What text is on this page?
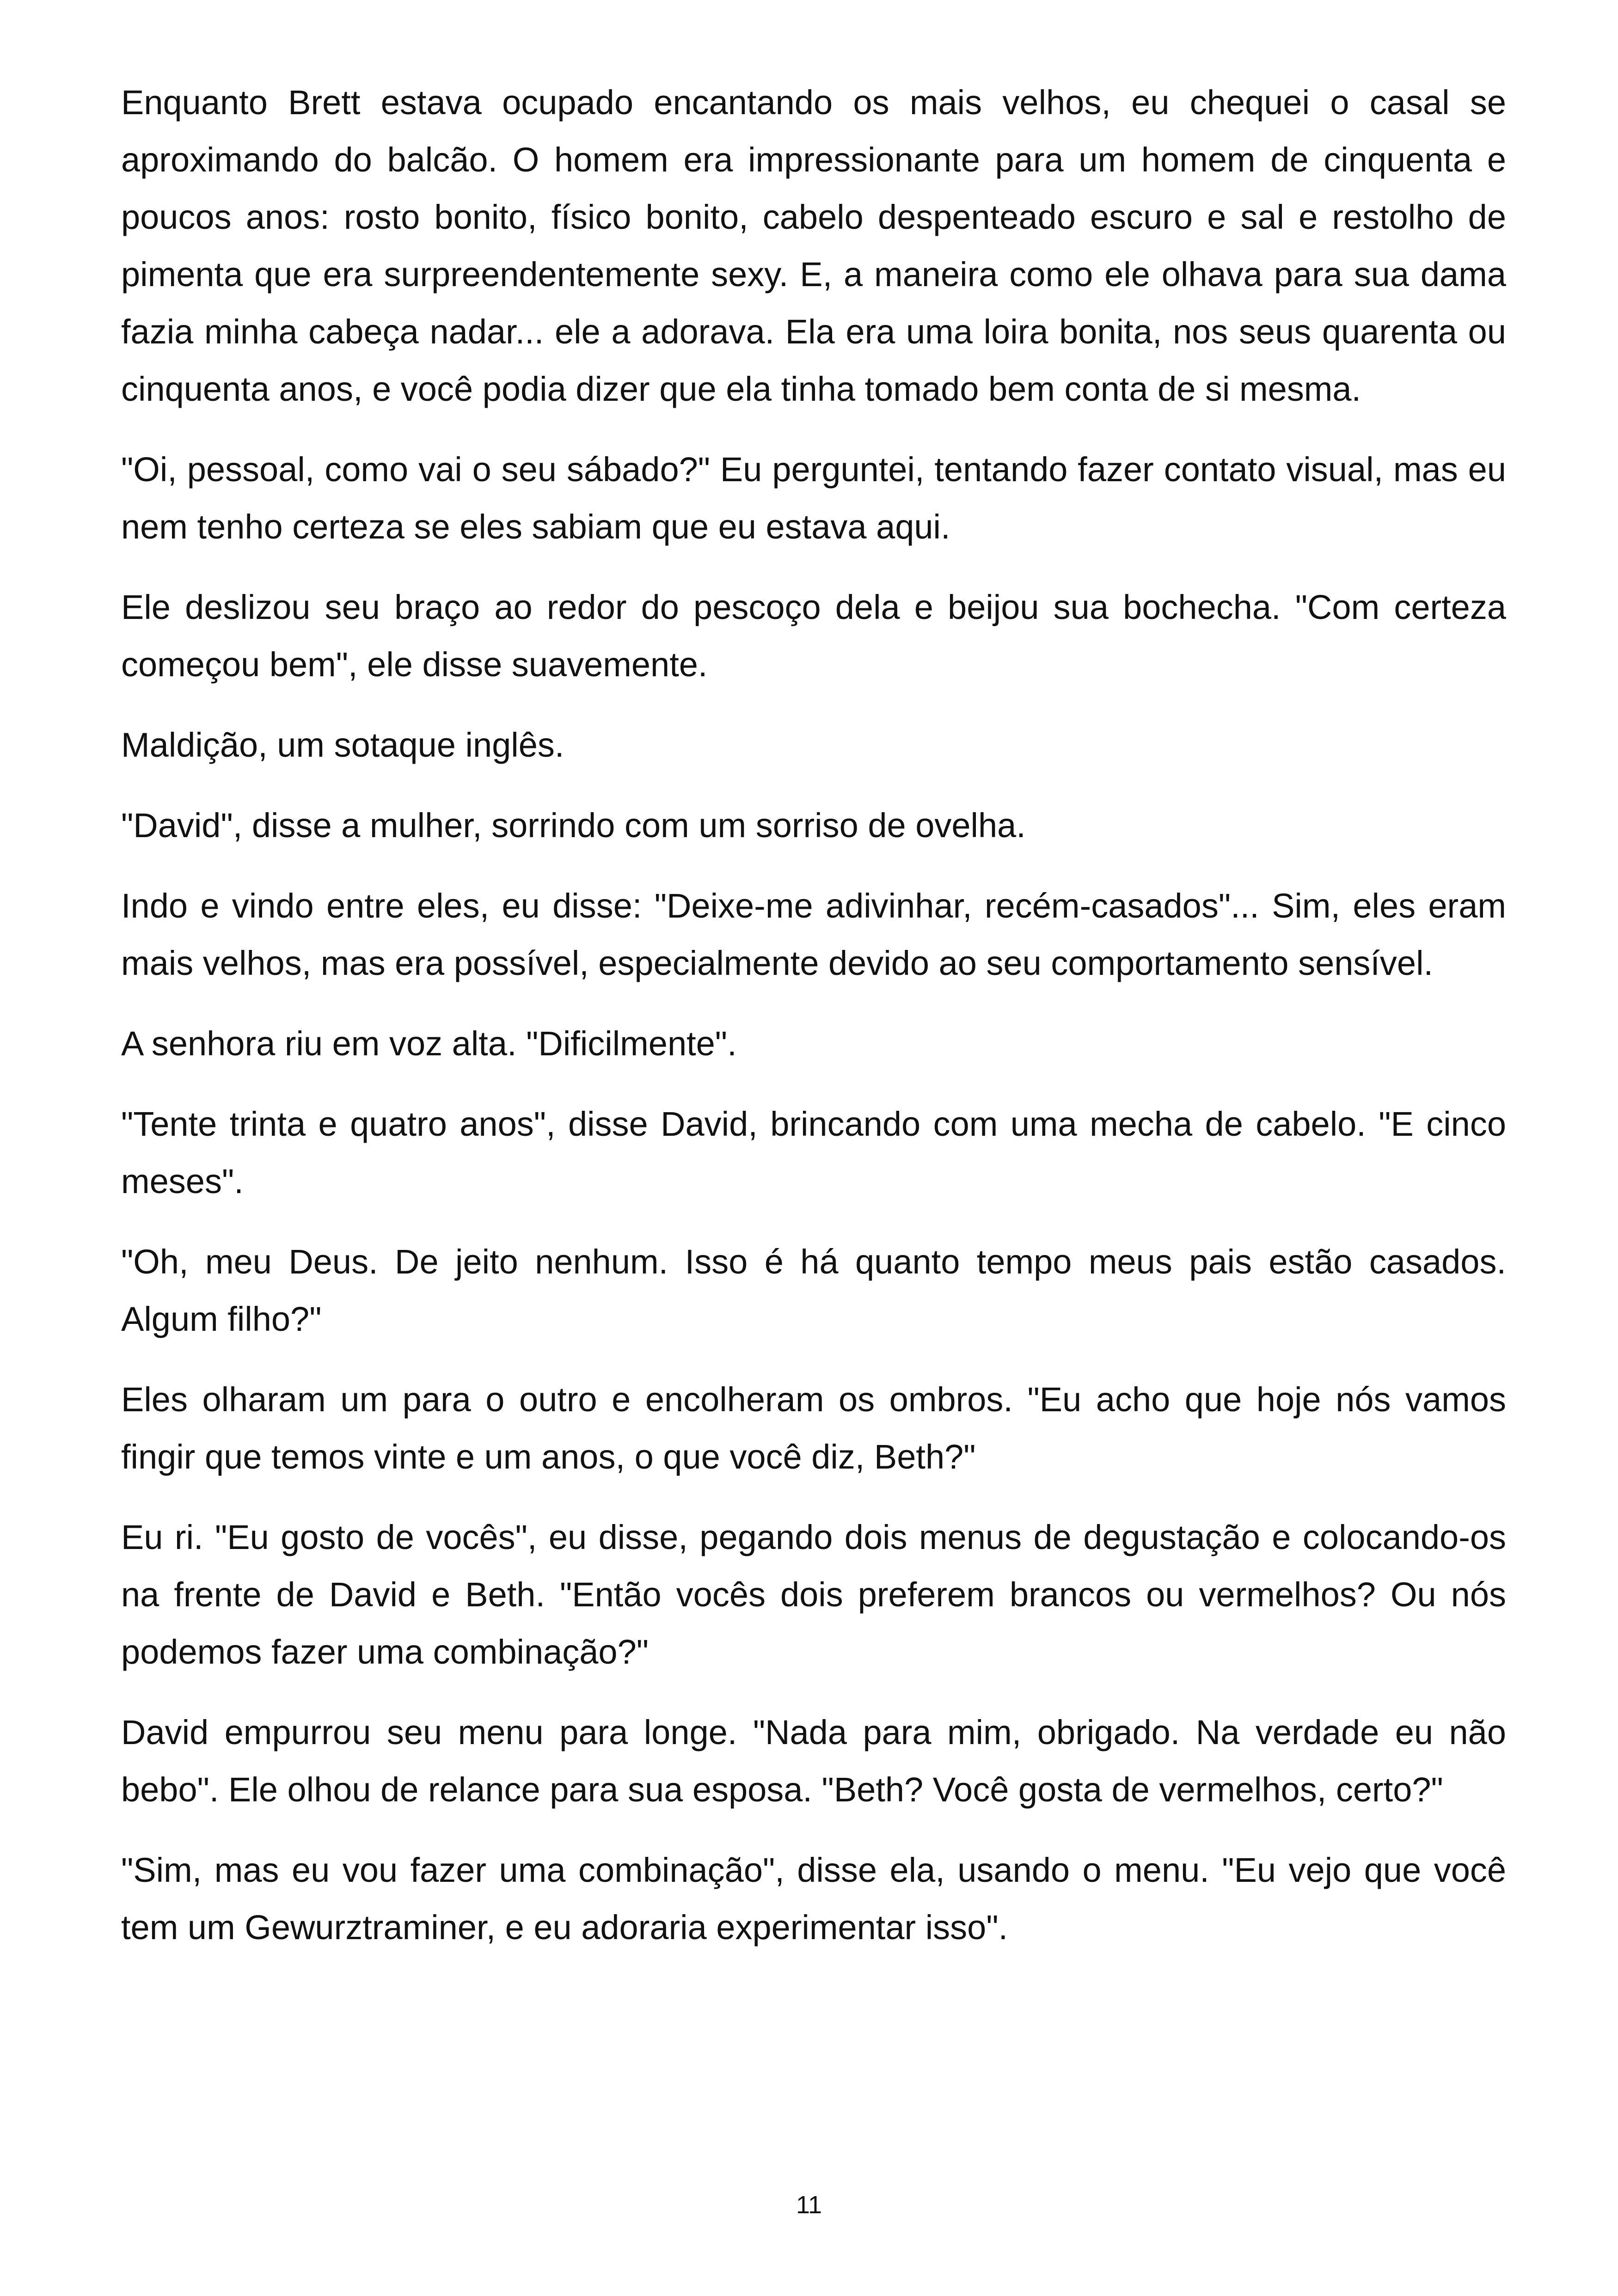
Enquanto Brett estava ocupado encantando os mais velhos, eu chequei o casal se aproximando do balcão. O homem era impressionante para um homem de cinquenta e poucos anos: rosto bonito, físico bonito, cabelo despenteado escuro e sal e restolho de pimenta que era surpreendentemente sexy. E, a maneira como ele olhava para sua dama fazia minha cabeça nadar... ele a adorava. Ela era uma loira bonita, nos seus quarenta ou cinquenta anos, e você podia dizer que ela tinha tomado bem conta de si mesma.

"Oi, pessoal, como vai o seu sábado?" Eu perguntei, tentando fazer contato visual, mas eu nem tenho certeza se eles sabiam que eu estava aqui.

Ele deslizou seu braço ao redor do pescoço dela e beijou sua bochecha. "Com certeza começou bem", ele disse suavemente.

Maldição, um sotaque inglês.

"David", disse a mulher, sorrindo com um sorriso de ovelha.

Indo e vindo entre eles, eu disse: "Deixe-me adivinhar, recém-casados"... Sim, eles eram mais velhos, mas era possível, especialmente devido ao seu comportamento sensível.

A senhora riu em voz alta. "Dificilmente".

"Tente trinta e quatro anos", disse David, brincando com uma mecha de cabelo. "E cinco meses".

"Oh, meu Deus. De jeito nenhum. Isso é há quanto tempo meus pais estão casados. Algum filho?"

Eles olharam um para o outro e encolheram os ombros. "Eu acho que hoje nós vamos fingir que temos vinte e um anos, o que você diz, Beth?"

Eu ri. "Eu gosto de vocês", eu disse, pegando dois menus de degustação e colocando-os na frente de David e Beth. "Então vocês dois preferem brancos ou vermelhos? Ou nós podemos fazer uma combinação?"

David empurrou seu menu para longe. "Nada para mim, obrigado. Na verdade eu não bebo". Ele olhou de relance para sua esposa. "Beth? Você gosta de vermelhos, certo?"

"Sim, mas eu vou fazer uma combinação", disse ela, usando o menu. "Eu vejo que você tem um Gewurztraminer, e eu adoraria experimentar isso".

11
